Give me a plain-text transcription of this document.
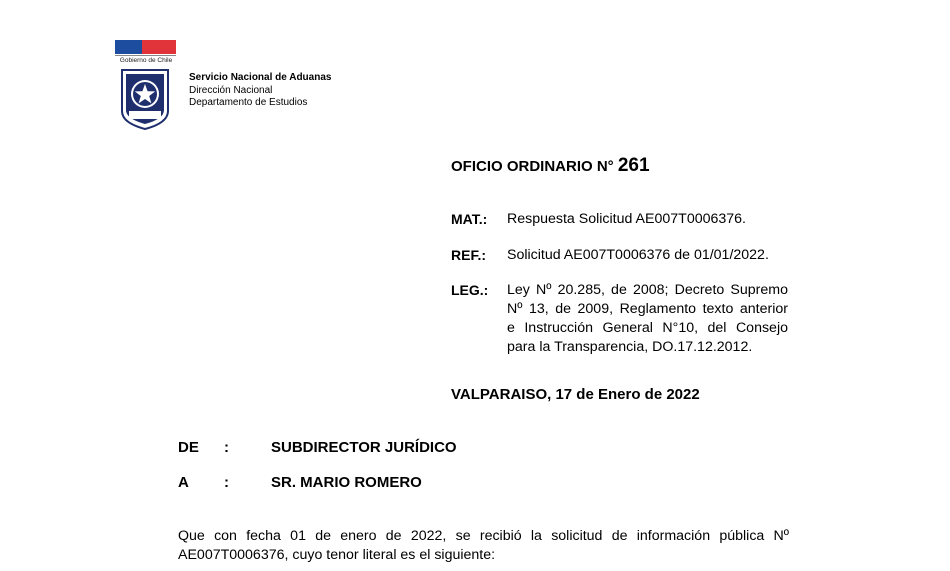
Gobierno de Chile
Servicio Nacional de Aduanas
Dirección Nacional
Departamento de Estudios
OFICIO ORDINARIO N° 261
MAT.: Respuesta Solicitud AE007T0006376.
REF.: Solicitud AE007T0006376 de 01/01/2022.
LEG.: Ley Nº 20.285, de 2008; Decreto Supremo
Nº 13, de 2009, Reglamento texto anterior
e Instrucción General N°10, del Consejo
para la Transparencia, DO.17.12.2012.
VALPARAISO, 17 de Enero de 2022
DE :	SUBDIRECTOR JURÍDICO
A :	SR. MARIO ROMERO
Que con fecha 01 de enero de 2022, se recibió la solicitud de información pública Nº
AE007T0006376, cuyo tenor literal es el siguiente:
